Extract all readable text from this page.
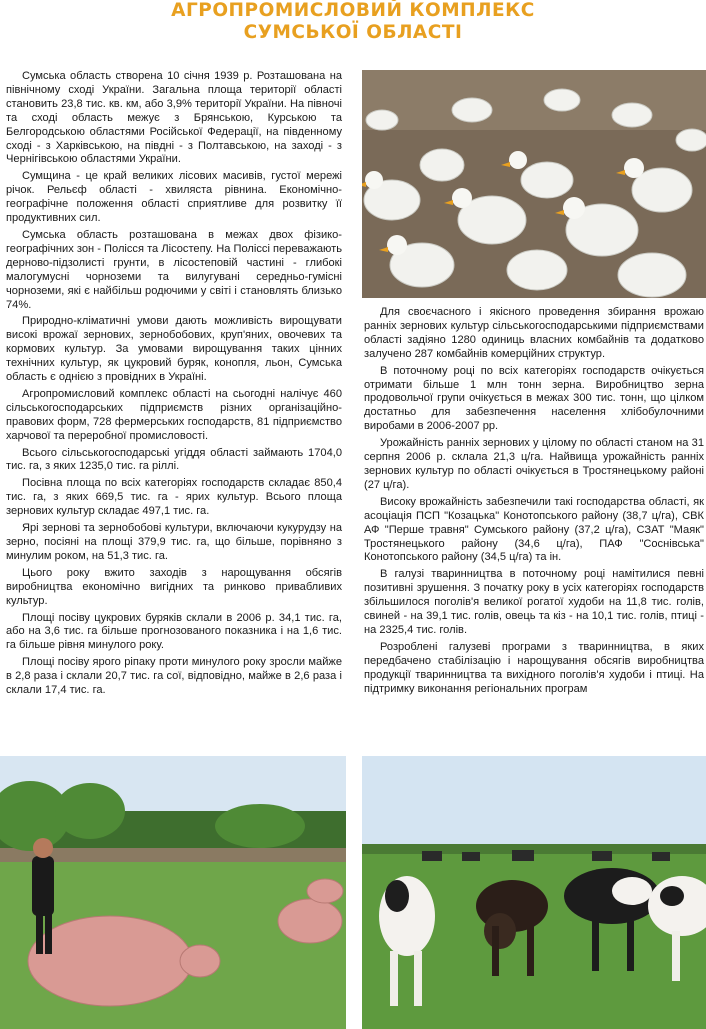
АГРОПРОМИСЛОВИЙ КОМПЛЕКС
СУМСЬКОЇ ОБЛАСТІ

Сумська область створена 10 січня 1939 р. Розташована на північному сході України. Загальна площа території області становить 23,8 тис. кв. км, або 3,9% території України. На півночі та сході область межує з Брянською, Курською та Белгородською областями Російської Федерації, на південному сході - з Харківською, на півдні - з Полтавською, на заході - з Чернігівською областями України.

Сумщина - це край великих лісових масивів, густої мережі річок. Рельєф області - хвиляста рівнина. Економічно-географічне положення області сприятливе для розвитку її продуктивних сил.

Сумська область розташована в межах двох фізико-географічних зон - Полісся та Лісостепу. На Поліссі переважають дерново-підзолисті грунти, в лісостеповій частині - глибокі малогумусні чорноземи та вилугувані середньо-гумісні чорноземи, які є найбільш родючими у світі і становлять близько 74%.

Природно-кліматичні умови дають можливість вирощувати високі врожаї зернових, зернобобових, круп'яних, овочевих та кормових культур. За умовами вирощування таких цінних технічних культур, як цукровий буряк, конопля, льон, Сумська область є однією з провідних в Україні.

Агропромисловий комплекс області на сьогодні налічує 460 сільськогосподарських підприємств різних організаційно-правових форм, 728 фермерських господарств, 81 підприємство харчової та переробної промисловості.

Всього сільськогосподарські угіддя області займають 1704,0 тис. га, з яких 1235,0 тис. га ріллі.

Посівна площа по всіх категоріях господарств складає 850,4 тис. га, з яких 669,5 тис. га - ярих культур. Всього площа зернових культур складає 497,1 тис. га.

Ярі зернові та зернобобові культури, включаючи кукурудзу на зерно, посіяні на площі 379,9 тис. га, що більше, порівняно з минулим роком, на 51,3 тис. га.

Цього року вжито заходів з нарощування обсягів виробництва економічно вигідних та ринково привабливих культур.

Площі посіву цукрових буряків склали в 2006 р. 34,1 тис. га, або на 3,6 тис. га більше прогнозованого показника і на 1,6 тис. га більше рівня минулого року.

Площі посіву ярого ріпаку проти минулого року зросли майже в 2,8 раза і склали 20,7 тис. га сої, відповідно, майже в 2,6 раза і склали 17,4 тис. га.

Для своєчасного і якісного проведення збирання врожаю ранніх зернових культур сільськогосподарськими підприємствами області задіяно 1280 одиниць власних комбайнів та додатково залучено 287 комбайнів комерційних структур.

В поточному році по всіх категоріях господарств очікується отримати більше 1 млн тонн зерна. Виробництво зерна продовольчої групи очікується в межах 300 тис. тонн, що цілком достатньо для забезпечення населення хлібобулочними виробами в 2006-2007 рр.

Урожайність ранніх зернових у цілому по області станом на 31 серпня 2006 р. склала 21,3 ц/га. Найвища урожайність ранніх зернових культур по області очікується в Тростянецькому районі (27 ц/га).

Високу врожайність забезпечили такі господарства області, як асоціація ПСП "Козацька" Конотопського району (38,7 ц/га), СВК АФ "Перше травня" Сумського району (37,2 ц/га), СЗАТ "Маяк" Тростянецького району (34,6 ц/га), ПАФ "Соснівська" Конотопського району (34,5 ц/га) та ін.

В галузі тваринництва в поточному році намітилися певні позитивні зрушення. З початку року в усіх категоріях господарств збільшилося поголів'я великої рогатої худоби на 11,8 тис. голів, свиней - на 39,1 тис. голів, овець та кіз - на 10,1 тис. голів, птиці - на 2325,4 тис. голів.

Розроблені галузеві програми з тваринництва, в яких передбачено стабілізацію і нарощування обсягів виробництва продукції тваринництва та вихідного поголів'я худоби і птиці. На підтримку виконання регіональних програм
